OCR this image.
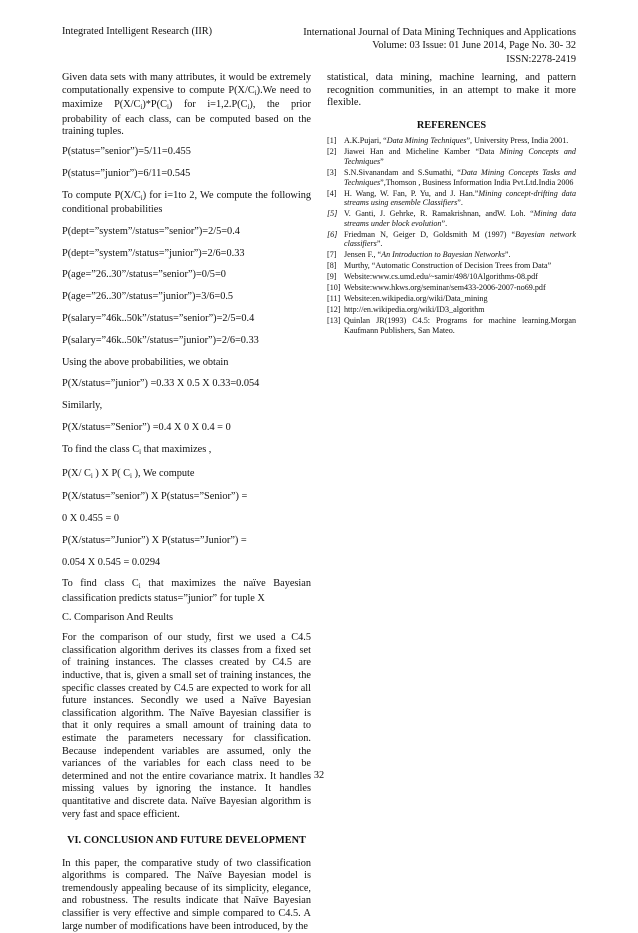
Integrated Intelligent Research (IIR)	International Journal of Data Mining Techniques and Applications
Volume: 03 Issue: 01 June 2014, Page No. 30- 32
ISSN:2278-2419

Given data sets with many attributes, it would be extremely computationally expensive to compute $P(X/C_i).We$ need to maximize $P(X/C_i)*P(C_i)$ for $i=1,2.P(C_i)$, the prior probability of each class, can be computed based on the training tuples.

P(status=”senior”)=5/11=0.455

P(status=”junior”)=6/11=0.545

To compute $P(X/C_i)$ for i=1to 2, We compute the following conditional probabilities

P(dept=”system”/status=”senior”)=2/5=0.4

P(dept=”system”/status=”junior”)=2/6=0.33

P(age=”26..30”/status=”senior”)=0/5=0

P(age=”26..30”/status=”junior”)=3/6=0.5

P(salary=”46k..50k”/status=”senior”)=2/5=0.4

P(salary=”46k..50k”/status=”junior”)=2/6=0.33

Using the above probabilities, we obtain

P(X/status=”junior”) =0.33 X 0.5 X 0.33=0.054

Similarly,

P(X/status=”Senior”) =0.4 X 0 X 0.4 = 0

To find the class $C_i$ that maximizes ,

P(X/ $C_i$ ) X P( $C_i$ ), We compute

P(X/status=”senior”) X P(status=”Senior”) =

0 X 0.455 = 0

P(X/status=”Junior”) X P(status=”Junior”) =

0.054 X 0.545 = 0.0294

To find class $C_i$ that maximizes the naïve Bayesian classification predicts status=”junior” for tuple X

C. Comparison And Reults

For the comparison of our study, first we used a C4.5 classification algorithm derives its classes from a fixed set of training instances. The classes created by C4.5 are inductive, that is, given a small set of training instances, the specific classes created by C4.5 are expected to work for all future instances. Secondly we used a Naïve Bayesian classification algorithm. The Naïve Bayesian classifier is that it only requires a small amount of training data to estimate the parameters necessary for classification. Because independent variables are assumed, only the variances of the variables for each class need to be determined and not the entire covariance matrix. It handles missing values by ignoring the instance. It handles quantitative and discrete data. Naïve Bayesian algorithm is very fast and space efficient.

VI. CONCLUSION AND FUTURE DEVELOPMENT

In this paper, the comparative study of two classification algorithms is compared. The Naïve Bayesian model is tremendously appealing because of its simplicity, elegance, and robustness. The results indicate that Naïve Bayesian classifier is very effective and simple compared to C4.5. A large number of modifications have been introduced, by the

statistical, data mining, machine learning, and pattern recognition communities, in an attempt to make it more flexible.

REFERENCES

[1] A.K.Pujari, “Data Mining Techniques”, University Press, India 2001.
[2] Jiawei Han and Micheline Kamber “Data Mining Concepts and Techniques”
[3] S.N.Sivanandam and S.Sumathi, “Data Mining Concepts Tasks and Techniques”,Thomson , Business Information India Pvt.Ltd.India 2006
[4] H. Wang, W. Fan, P. Yu, and J. Han.”Mining concept-drifting data streams using ensemble Classifiers”.
[5] V. Ganti, J. Gehrke, R. Ramakrishnan, andW. Loh. “Mining data streams under block evolution”.
[6] Friedman N, Geiger D, Goldsmith M (1997) “Bayesian network classifiers”.
[7] Jensen F., “An Introduction to Bayesian Networks”.
[8] Murthy, “Automatic Construction of Decision Trees from Data”
[9] Website:www.cs.umd.edu/~samir/498/10Algorithms-08.pdf
[10] Website:www.hkws.org/seminar/sem433-2006-2007-no69.pdf
[11] Website:en.wikipedia.org/wiki/Data_mining
[12] http://en.wikipedia.org/wiki/ID3_algorithm
[13] Quinlan JR(1993) C4.5: Programs for machine learning.Morgan Kaufmann Publishers, San Mateo.
32
